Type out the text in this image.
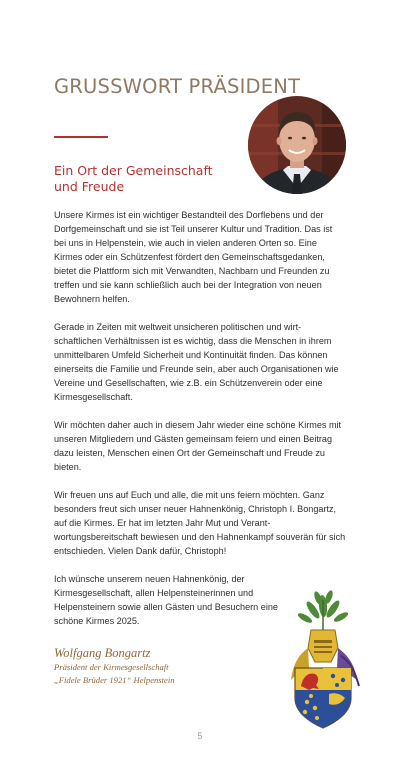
GRUSSWORT PRÄSIDENT
Ein Ort der Gemeinschaft
und Freude

Unsere Kirmes ist ein wichtiger Bestandteil des Dorflebens und der Dorfgemeinschaft und sie ist Teil unserer Kultur und Tradition. Das ist bei uns in Helpenstein, wie auch in vielen anderen Orten so. Eine Kirmes oder ein Schützenfest fördert den Gemeinschaftsgedanken, bietet die Plattform sich mit Verwandten, Nachbarn und Freunden zu treffen und sie kann schließlich auch bei der Integration von neuen Bewohnern helfen.

Gerade in Zeiten mit weltweit unsicheren politischen und wirtschaftlichen Verhältnissen ist es wichtig, dass die Menschen in ihrem unmittelbaren Umfeld Sicherheit und Kontinuität finden. Das können einerseits die Familie und Freunde sein, aber auch Organisationen wie Vereine und Gesellschaften, wie z.B. ein Schützenverein oder eine Kirmesgesellschaft.

Wir möchten daher auch in diesem Jahr wieder eine schöne Kirmes mit unseren Mitgliedern und Gästen gemeinsam feiern und einen Beitrag dazu leisten, Menschen einen Ort der Gemeinschaft und Freude zu bieten.

Wir freuen uns auf Euch und alle, die mit uns feiern möchten. Ganz besonders freut sich unser neuer Hahnenkönig, Christoph I. Bongartz, auf die Kirmes. Er hat im letzten Jahr Mut und Verantwortungsbereitschaft bewiesen und den Hahnenkampf souverän für sich entschieden. Vielen Dank dafür, Christoph!

Ich wünsche unserem neuen Hahnenkönig, der Kirmesgesellschaft, allen Helpensteinerinnen und Helpensteinern sowie allen Gästen und Besuchern eine schöne Kirmes 2025.

Wolfgang Bongartz
Präsident der Kirmesgesellschaft
„Fidele Brüder 1921“ Helpenstein
5
